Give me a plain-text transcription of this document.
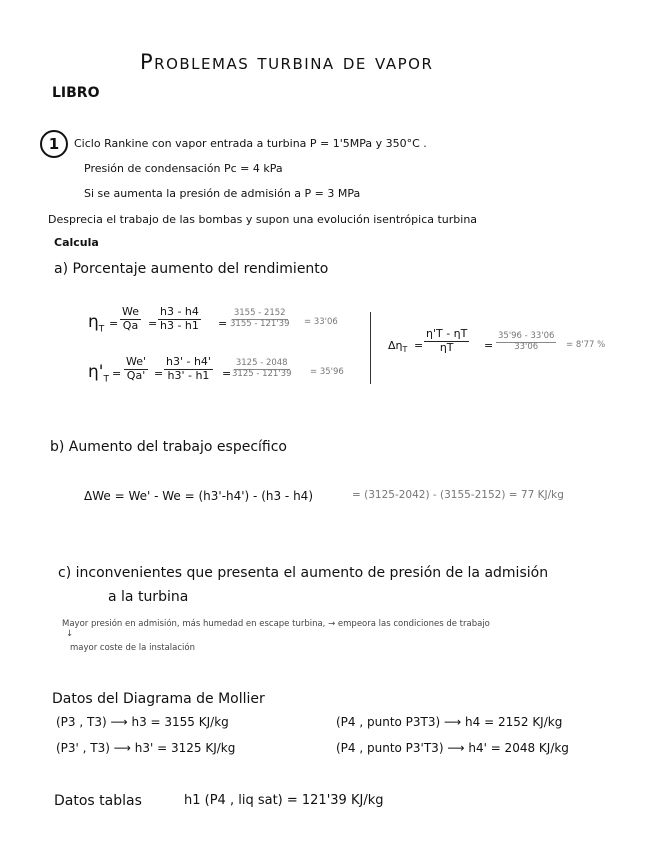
Problemas turbina de vapor
LIBRO
1 Ciclo Rankine con vapor entrada a turbina P = 1'5MPa y 350°C .
Presión de condensación Pc = 4 kPa
Si se aumenta la presión de admisión a P = 3 MPa
Desprecia el trabajo de las bombas y supon una evolución isentrópica turbina
Calcula
a) Porcentaje aumento del rendimiento
$\eta_T = \frac{We}{Qa} = \frac{h3 - h4}{h3 - h1} = \frac{3155 - 2152}{3155 - 121'39} = 33'06$
$\eta'_T = \frac{We'}{Qa'} = \frac{h3' - h4'}{h3' - h1}$ =
$\frac{3125 - 2048}{3125 - 121'39} = 35'96$
$\Delta\eta_T = \frac{\eta'T - \eta T}{\eta T} = \frac{35'96 - 33'06}{33'06} = 8'77$ %
b) Aumento del trabajo específico
ΔWe = We' - We = (h3'-h4') - (h3 - h4)	= (3125-2042) - (3155-2152) = 77 KJ/kg
c) inconvenientes que presenta el aumento de presión de la admisión
a la turbina
Mayor presión en admisión, más humedad en escape turbina, → empeora las condiciones de trabajo
↓
mayor coste de la instalación
Datos del Diagrama de Mollier
(P3 , T3) ⟶ h3 = 3155 KJ/kg	(P4 , punto P3T3) ⟶ h4 = 2152 KJ/kg
(P3' , T3) ⟶ h3' = 3125 KJ/kg	(P4 , punto P3'T3) ⟶ h4' = 2048 KJ/kg
Datos tablas	h1 (P4 , liq sat) = 121'39 KJ/kg
